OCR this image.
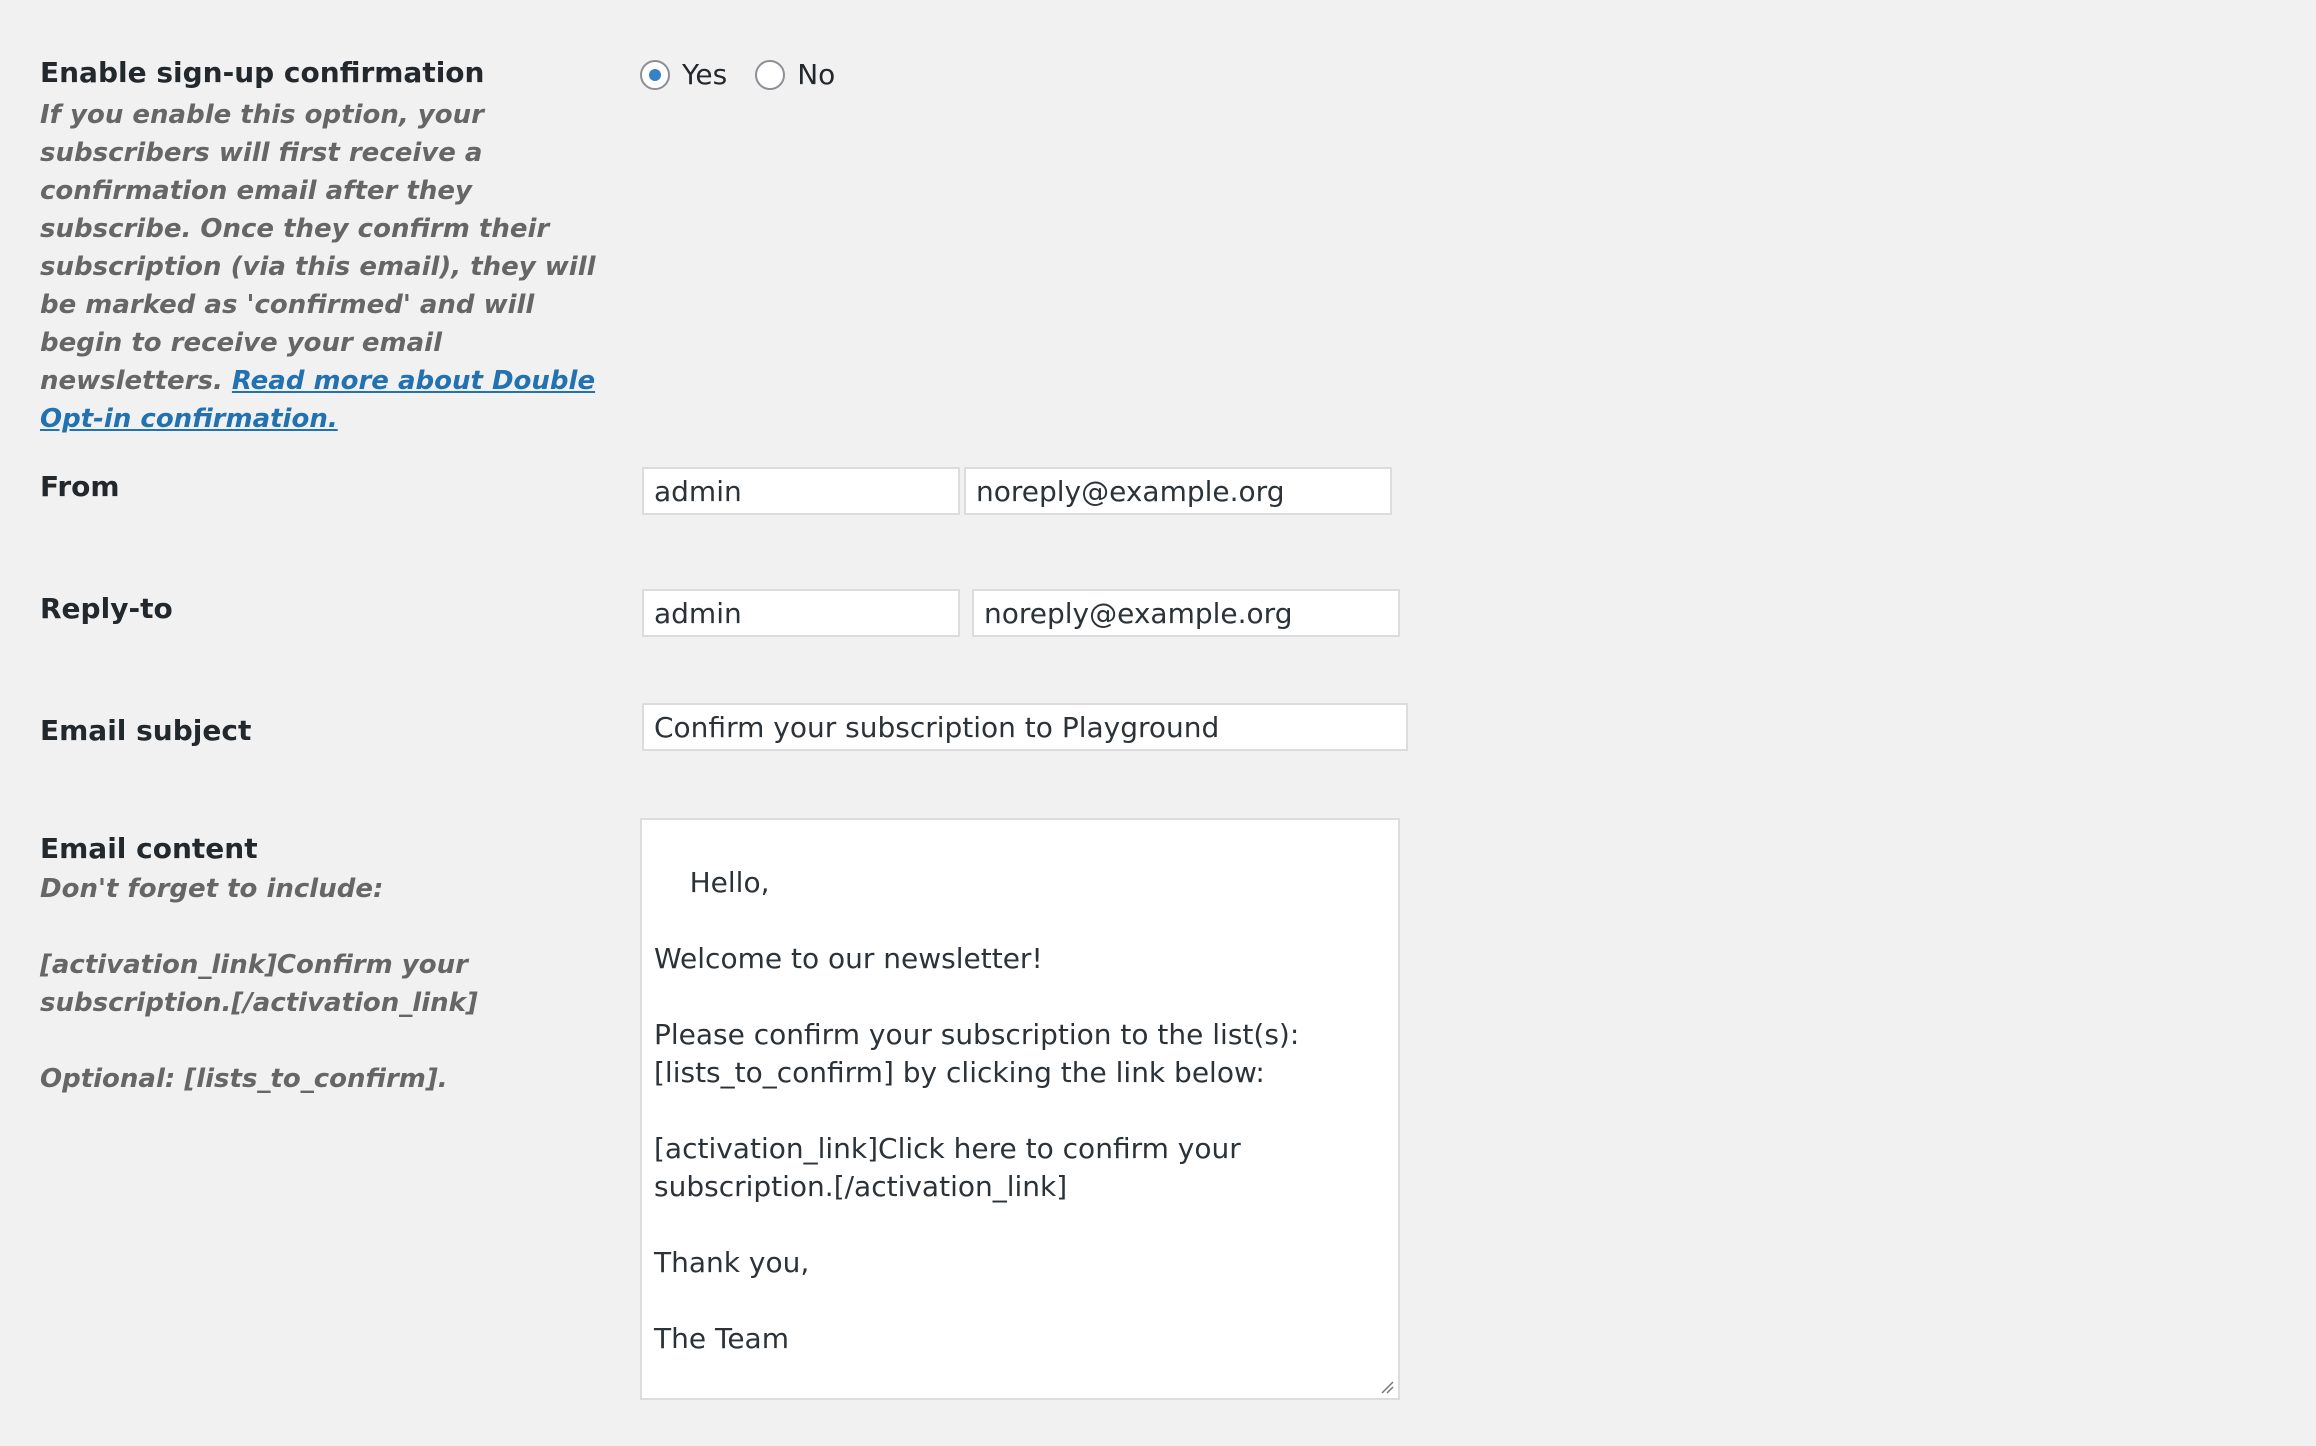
Enable sign-up confirmation
If you enable this option, your subscribers will first receive a confirmation email after they subscribe. Once they confirm their subscription (via this email), they will be marked as 'confirmed' and will begin to receive your email newsletters. Read more about Double Opt-in confirmation.
Yes	No
From	admin	noreply@example.org
Reply-to	admin	noreply@example.org
Email subject	Confirm your subscription to Playground
Email content

Don't forget to include:

[activation_link]Confirm your subscription.[/activation_link]

Optional: [lists_to_confirm].

Hello,

Welcome to our newsletter!

Please confirm your subscription to the list(s): [lists_to_confirm] by clicking the link below:

[activation_link]Click here to confirm your subscription.[/activation_link]

Thank you,

The Team
